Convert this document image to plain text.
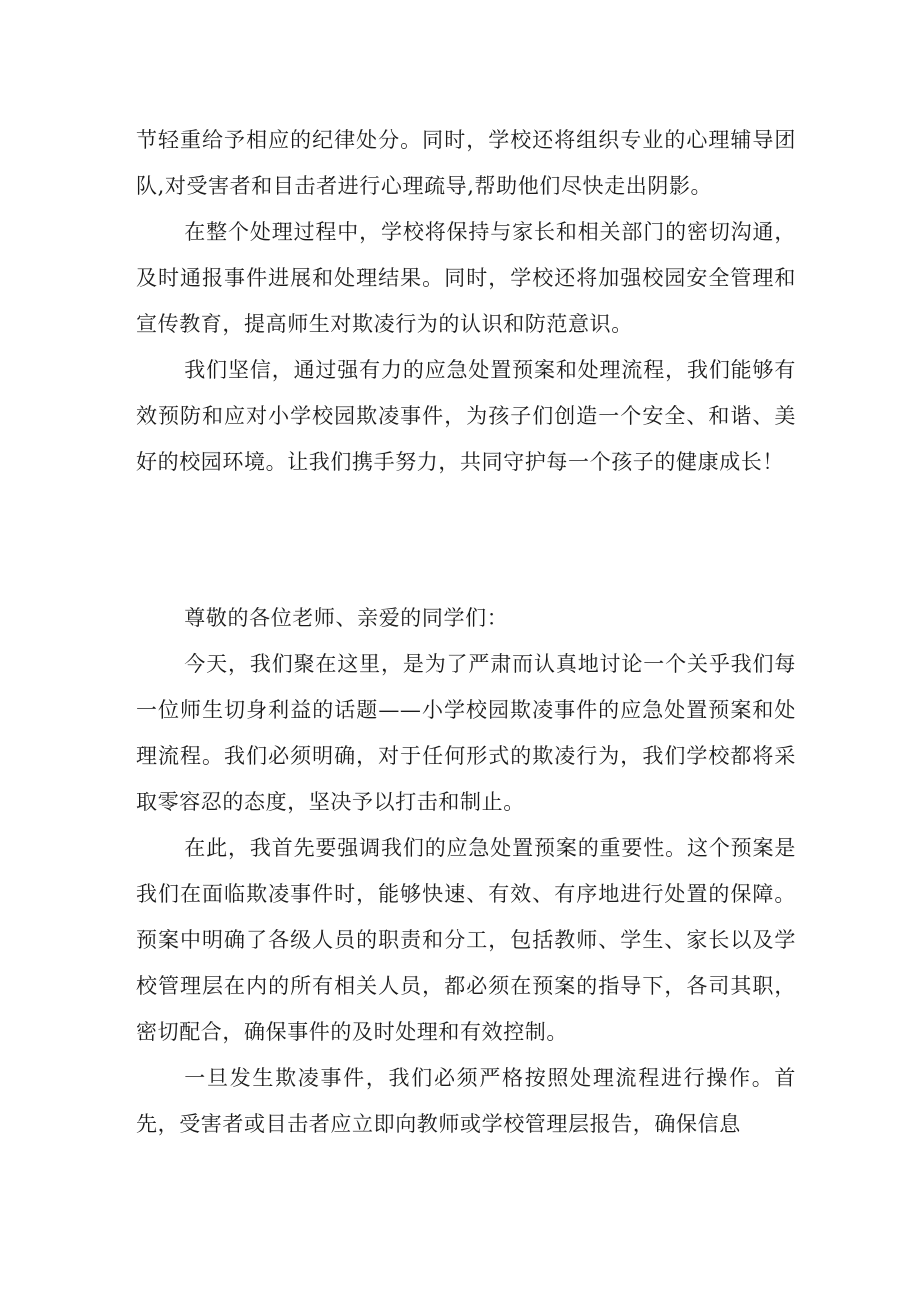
节轻重给予相应的纪律处分。同时，学校还将组织专业的心理辅导团队,对受害者和目击者进行心理疏导,帮助他们尽快走出阴影。

在整个处理过程中，学校将保持与家长和相关部门的密切沟通，及时通报事件进展和处理结果。同时，学校还将加强校园安全管理和宣传教育，提高师生对欺凌行为的认识和防范意识。

我们坚信，通过强有力的应急处置预案和处理流程，我们能够有效预防和应对小学校园欺凌事件，为孩子们创造一个安全、和谐、美好的校园环境。让我们携手努力，共同守护每一个孩子的健康成长！

尊敬的各位老师、亲爱的同学们：

今天，我们聚在这里，是为了严肃而认真地讨论一个关乎我们每一位师生切身利益的话题——小学校园欺凌事件的应急处置预案和处理流程。我们必须明确，对于任何形式的欺凌行为，我们学校都将采取零容忍的态度，坚决予以打击和制止。

在此，我首先要强调我们的应急处置预案的重要性。这个预案是我们在面临欺凌事件时，能够快速、有效、有序地进行处置的保障。预案中明确了各级人员的职责和分工，包括教师、学生、家长以及学校管理层在内的所有相关人员，都必须在预案的指导下，各司其职，密切配合，确保事件的及时处理和有效控制。

一旦发生欺凌事件，我们必须严格按照处理流程进行操作。首先，受害者或目击者应立即向教师或学校管理层报告，确保信息
